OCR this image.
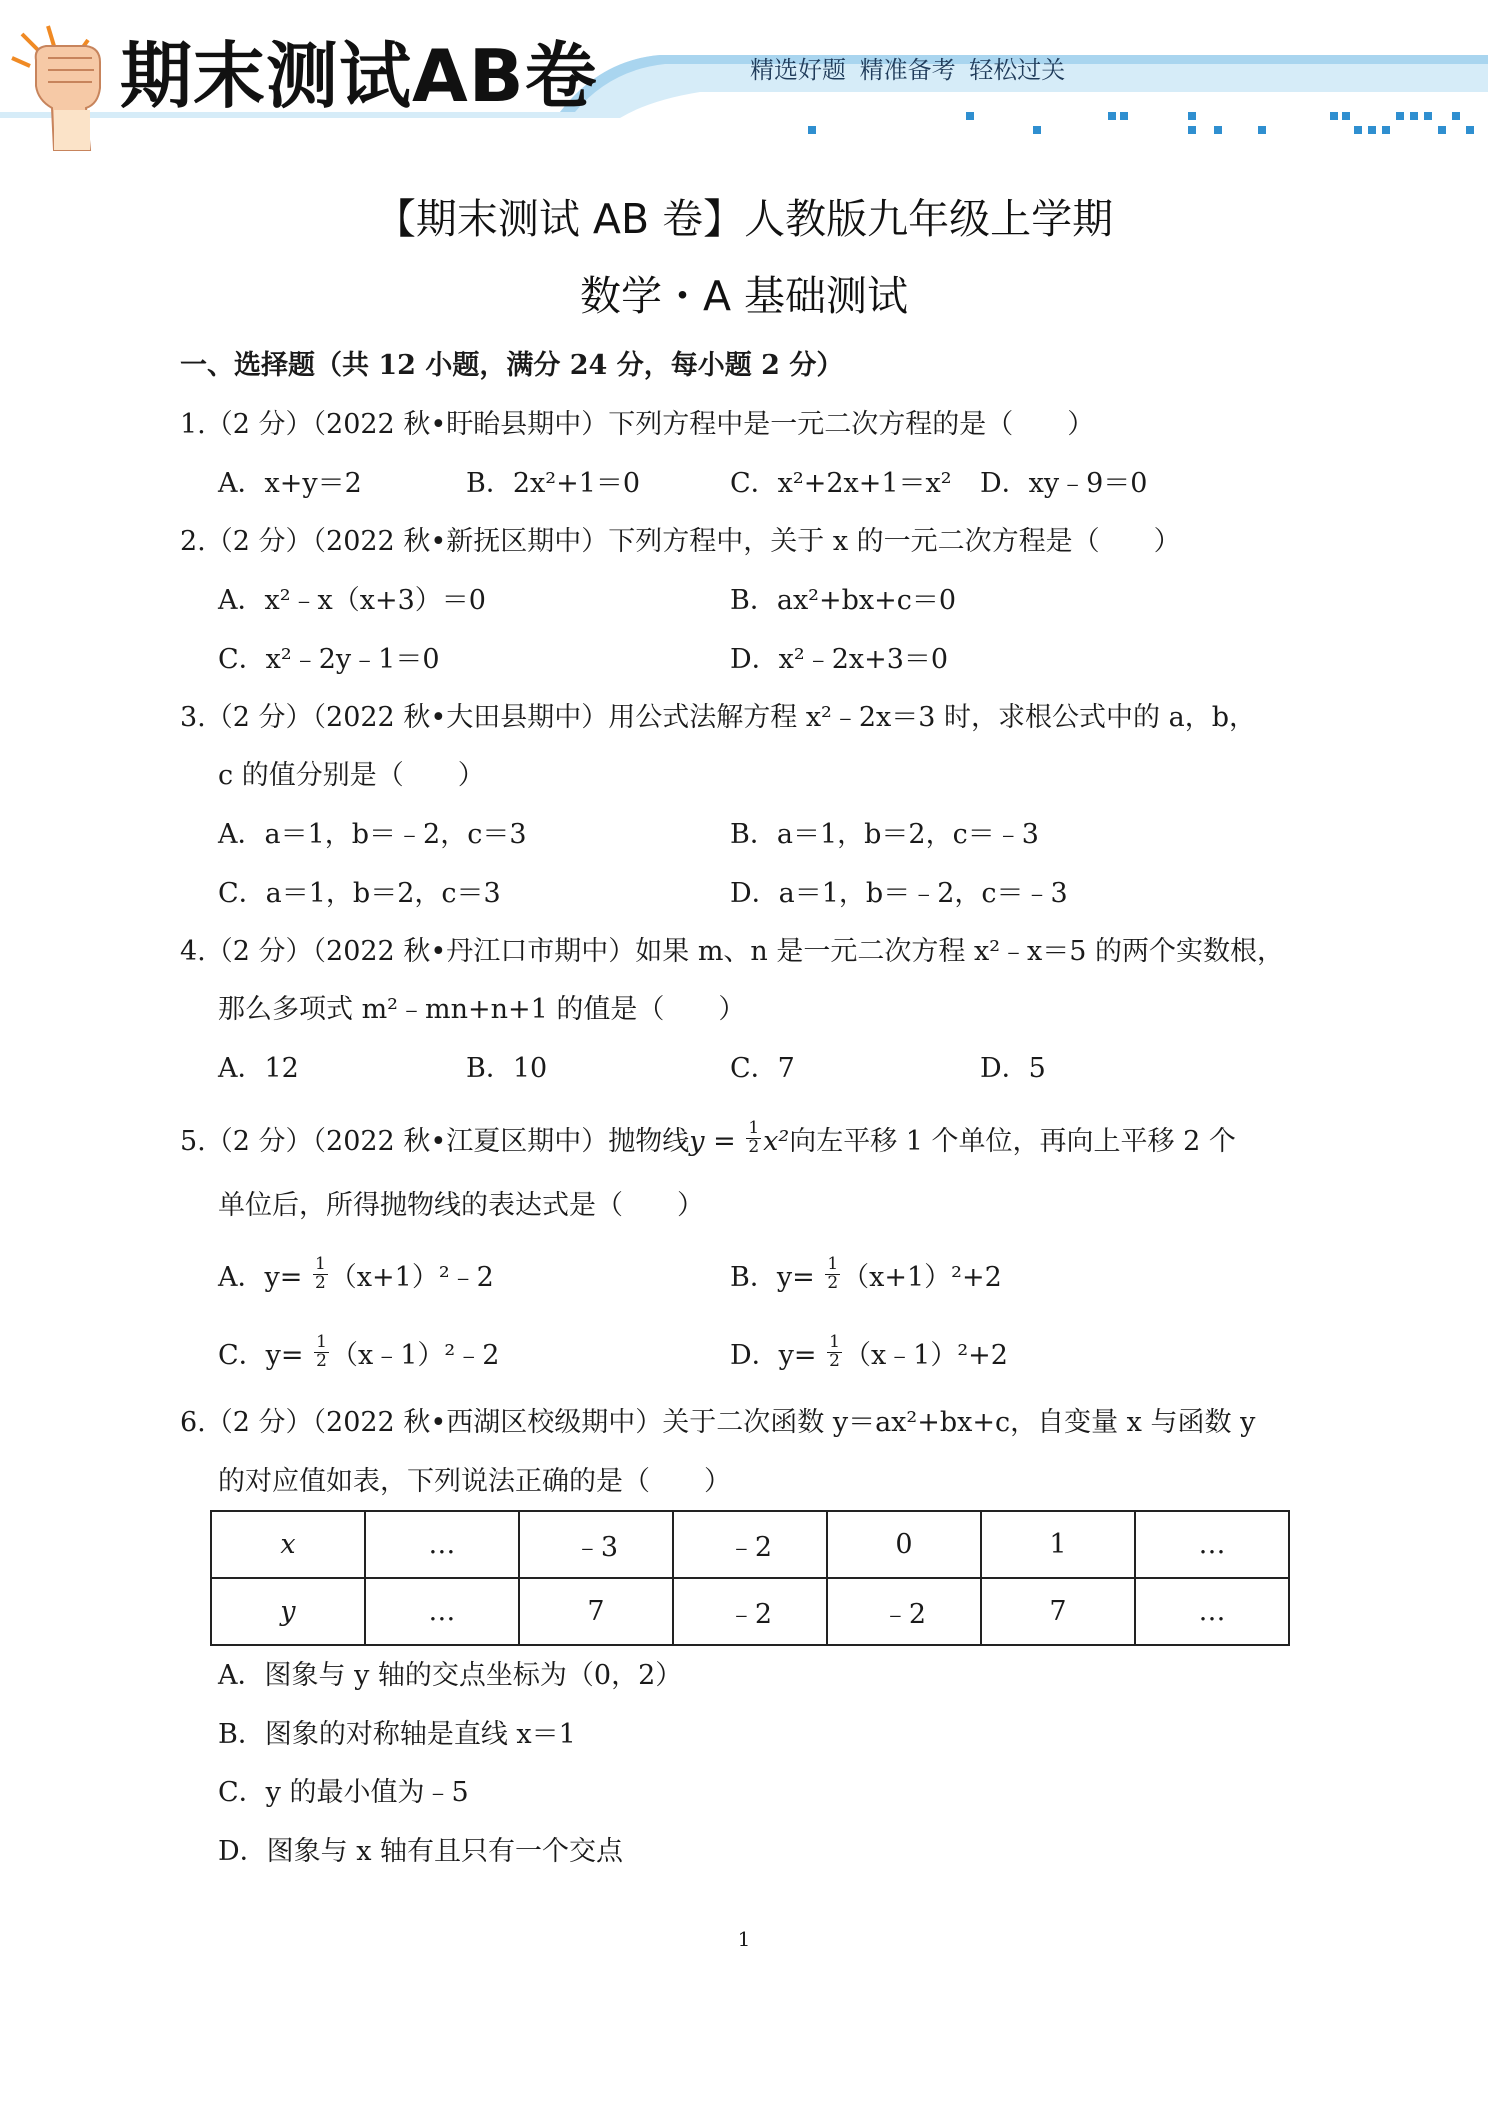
期末测试AB卷	精选好题 精准备考 轻松过关
【期末测试 AB 卷】人教版九年级上学期
数学・A 基础测试
一、选择题（共 12 小题，满分 24 分，每小题 2 分）
1.（2 分）（2022 秋•盱眙县期中）下列方程中是一元二次方程的是（　　）
A．x+y＝2	B．2x²+1＝0	C．x²+2x+1＝x² D．xy﹣9＝0
2.（2 分）（2022 秋•新抚区期中）下列方程中，关于 x 的一元二次方程是（　　）
A．x²﹣x（x+3）＝0	B．ax²+bx+c＝0
C．x²﹣2y﹣1＝0	D．x²﹣2x+3＝0
3.（2 分）（2022 秋•大田县期中）用公式法解方程 x²﹣2x＝3 时，求根公式中的 a，b，
c 的值分别是（　　）
A．a＝1，b＝﹣2，c＝3	B．a＝1，b＝2，c＝﹣3
C．a＝1，b＝2，c＝3	D．a＝1，b＝﹣2，c＝﹣3
4.（2 分）（2022 秋•丹江口市期中）如果 m、n 是一元二次方程 x²﹣x＝5 的两个实数根，
那么多项式 m²﹣mn+n+1 的值是（　　）
A．12	B．10	C．7	D．5
5.（2 分）（2022 秋•江夏区期中）抛物线$y = \frac{1}{2} x^2$向左平移 1 个单位，再向上平移 2 个
单位后，所得抛物线的表达式是（　　）
A．$y= \frac{1}{2}$ （x+1）²﹣2	B．$y= \frac{1}{2} (x+1)^2+2$
C．$y= \frac{1}{2}$ （x﹣1）²﹣2	D．$y= \frac{1}{2}$ （x﹣1）²+2
6.（2 分）（2022 秋•西湖区校级期中）关于二次函数 y＝ax²+bx+c，自变量 x 与函数 y
的对应值如表，下列说法正确的是（　　）
x	…	﹣3	﹣2	0	1	…
y	…	7	﹣2	﹣2	7	…
A．图象与 y 轴的交点坐标为（0，2）
B．图象的对称轴是直线 x＝1
C．y 的最小值为﹣5
D．图象与 x 轴有且只有一个交点
1
